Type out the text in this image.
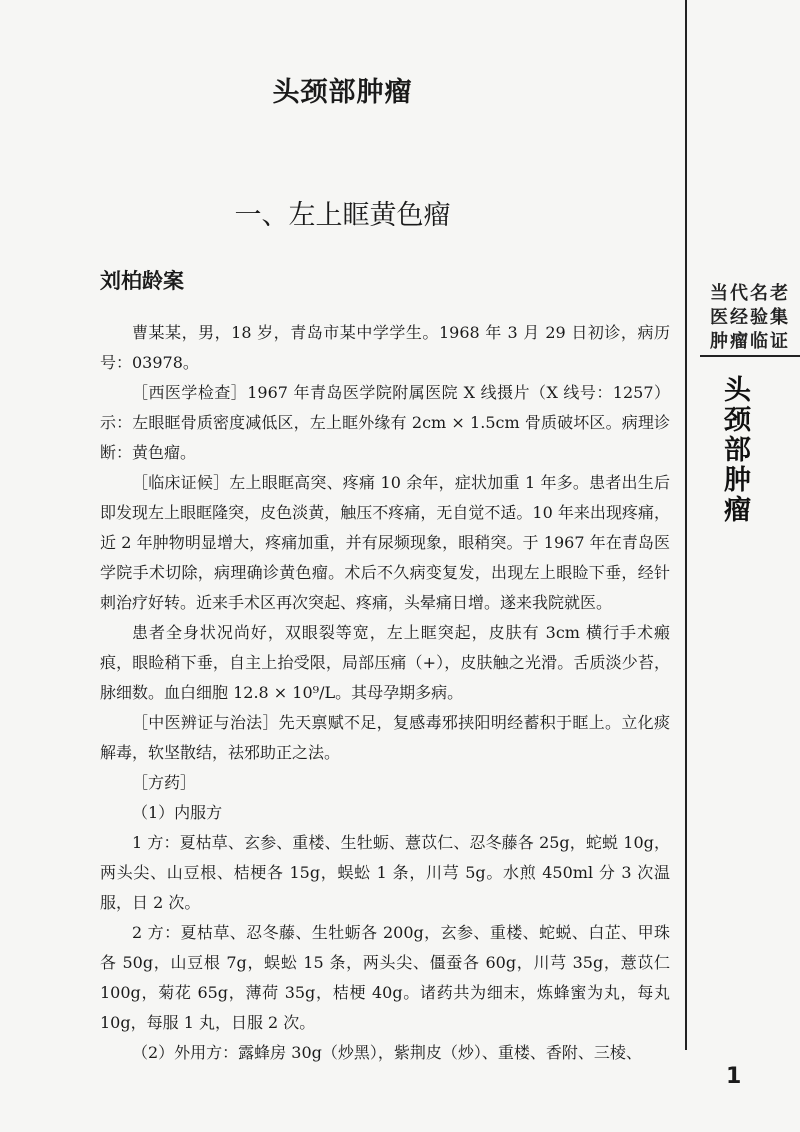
当代名老
医经验集
肿瘤临证
头颈部肿瘤
头颈部肿瘤
一、左上眶黄色瘤
刘柏龄案

曹某某，男，18 岁，青岛市某中学学生。1968 年 3 月 29 日初诊，病历号：03978。

［西医学检查］1967 年青岛医学院附属医院 X 线摄片（X 线号：1257）示：左眼眶骨质密度减低区，左上眶外缘有 2cm × 1.5cm 骨质破坏区。病理诊断：黄色瘤。

［临床证候］左上眼眶高突、疼痛 10 余年，症状加重 1 年多。患者出生后即发现左上眼眶隆突，皮色淡黄，触压不疼痛，无自觉不适。10 年来出现疼痛，近 2 年肿物明显增大，疼痛加重，并有尿频现象，眼稍突。于 1967 年在青岛医学院手术切除，病理确诊黄色瘤。术后不久病变复发，出现左上眼睑下垂，经针刺治疗好转。近来手术区再次突起、疼痛，头晕痛日增。遂来我院就医。

患者全身状况尚好，双眼裂等宽，左上眶突起，皮肤有 3cm 横行手术瘢痕，眼睑稍下垂，自主上抬受限，局部压痛（+），皮肤触之光滑。舌质淡少苔，脉细数。血白细胞 12.8 × 10⁹/L。其母孕期多病。

［中医辨证与治法］先天禀赋不足，复感毒邪挟阳明经蓄积于眶上。立化痰解毒，软坚散结，祛邪助正之法。

［方药］

（1）内服方

1 方：夏枯草、玄参、重楼、生牡蛎、薏苡仁、忍冬藤各 25g，蛇蜕 10g，两头尖、山豆根、桔梗各 15g，蜈蚣 1 条，川芎 5g。水煎 450ml 分 3 次温服，日 2 次。

2 方：夏枯草、忍冬藤、生牡蛎各 200g，玄参、重楼、蛇蜕、白芷、甲珠各 50g，山豆根 7g，蜈蚣 15 条，两头尖、僵蚕各 60g，川芎 35g，薏苡仁 100g，菊花 65g，薄荷 35g，桔梗 40g。诸药共为细末，炼蜂蜜为丸，每丸 10g，每服 1 丸，日服 2 次。

（2）外用方：露蜂房 30g（炒黑），紫荆皮（炒）、重楼、香附、三棱、

1
